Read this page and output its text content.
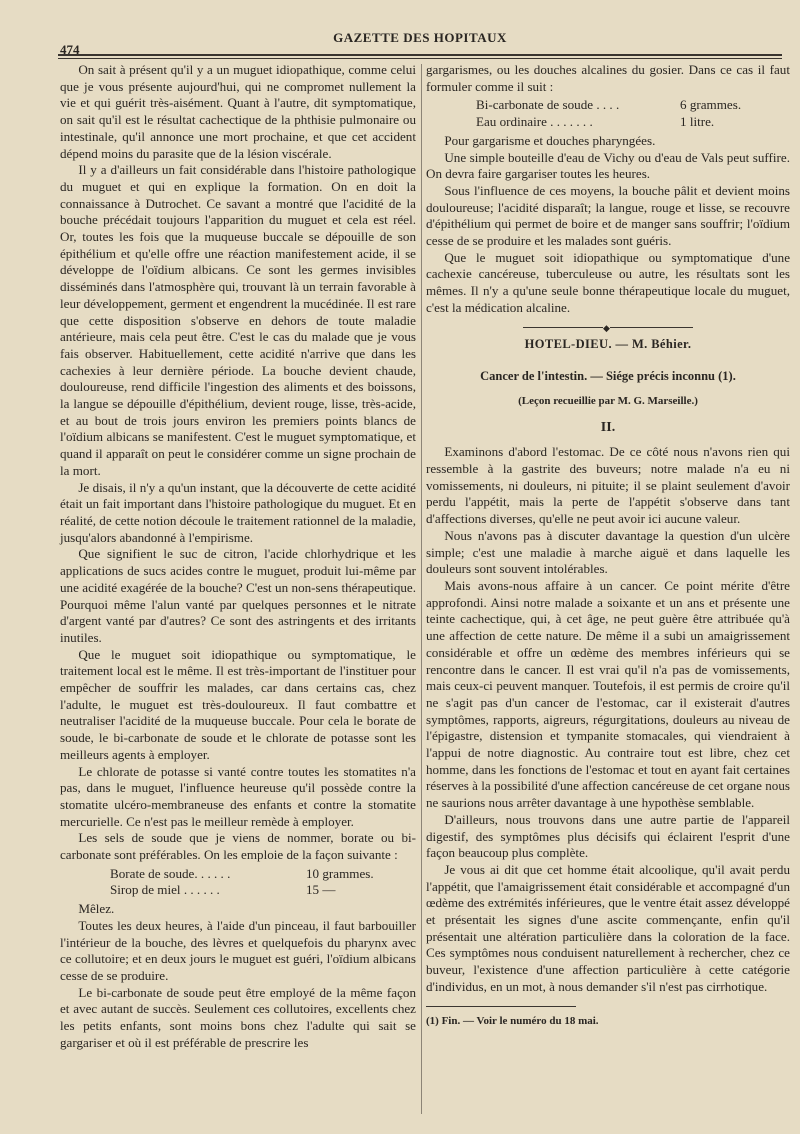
474
GAZETTE DES HOPITAUX

On sait à présent qu'il y a un muguet idiopathique, comme celui que je vous présente aujourd'hui, qui ne compromet nullement la vie et qui guérit très-aisément. Quant à l'autre, dit symptomatique, on sait qu'il est le résultat cachectique de la phthisie pulmonaire ou intestinale, qu'il annonce une mort prochaine, et que cet accident dépend moins du parasite que de la lésion viscérale.

Il y a d'ailleurs un fait considérable dans l'histoire pathologique du muguet et qui en explique la formation. On en doit la connaissance à Dutrochet. Ce savant a montré que l'acidité de la bouche précédait toujours l'apparition du muguet et cela est réel. Or, toutes les fois que la muqueuse buccale se dépouille de son épithélium et qu'elle offre une réaction manifestement acide, il se développe de l'oïdium albicans. Ce sont les germes invisibles disséminés dans l'atmosphère qui, trouvant là un terrain favorable à leur développement, germent et engendrent la mucédinée. Il est rare que cette disposition s'observe en dehors de toute maladie antérieure, mais cela peut être. C'est le cas du malade que je vous fais observer. Habituellement, cette acidité n'arrive que dans les cachexies à leur dernière période. La bouche devient chaude, douloureuse, rend difficile l'ingestion des aliments et des boissons, la langue se dépouille d'épithélium, devient rouge, lisse, très-acide, et au bout de trois jours environ les premiers points blancs de l'oïdium albicans se manifestent. C'est le muguet symptomatique, et quand il apparaît on peut le considérer comme un signe prochain de la mort.

Je disais, il n'y a qu'un instant, que la découverte de cette acidité était un fait important dans l'histoire pathologique du muguet. Et en réalité, de cette notion découle le traitement rationnel de la maladie, jusqu'alors abandonné à l'empirisme.

Que signifient le suc de citron, l'acide chlorhydrique et les applications de sucs acides contre le muguet, produit lui-même par une acidité exagérée de la bouche? C'est un non-sens thérapeutique. Pourquoi même l'alun vanté par quelques personnes et le nitrate d'argent vanté par d'autres? Ce sont des astringents et des irritants inutiles.

Que le muguet soit idiopathique ou symptomatique, le traitement local est le même. Il est très-important de l'instituer pour empêcher de souffrir les malades, car dans certains cas, chez l'adulte, le muguet est très-douloureux. Il faut combattre et neutraliser l'acidité de la muqueuse buccale. Pour cela le borate de soude, le bi-carbonate de soude et le chlorate de potasse sont les meilleurs agents à employer.

Le chlorate de potasse si vanté contre toutes les stomatites n'a pas, dans le muguet, l'influence heureuse qu'il possède contre la stomatite ulcéro-membraneuse des enfants et contre la stomatite mercurielle. Ce n'est pas le meilleur remède à employer.

Les sels de soude que je viens de nommer, borate ou bi-carbonate sont préférables. On les emploie de la façon suivante :

Borate de soude. . . . . .	10 grammes.
Sirop de miel . . . . . .	15 —

Mêlez.

Toutes les deux heures, à l'aide d'un pinceau, il faut barbouiller l'intérieur de la bouche, des lèvres et quelquefois du pharynx avec ce collutoire; et en deux jours le muguet est guéri, l'oïdium albicans cesse de se produire.

Le bi-carbonate de soude peut être employé de la même façon et avec autant de succès. Seulement ces collutoires, excellents chez les petits enfants, sont moins bons chez l'adulte qui sait se gargariser et où il est préférable de prescrire les

gargarismes, ou les douches alcalines du gosier. Dans ce cas il faut formuler comme il suit :

Bi-carbonate de soude . . . .	6 grammes.
Eau ordinaire . . . . . . .	1 litre.

Pour gargarisme et douches pharyngées.

Une simple bouteille d'eau de Vichy ou d'eau de Vals peut suffire. On devra faire gargariser toutes les heures.

Sous l'influence de ces moyens, la bouche pâlit et devient moins douloureuse; l'acidité disparaît; la langue, rouge et lisse, se recouvre d'épithélium qui permet de boire et de manger sans souffrir; l'oïdium cesse de se produire et les malades sont guéris.

Que le muguet soit idiopathique ou symptomatique d'une cachexie cancéreuse, tuberculeuse ou autre, les résultats sont les mêmes. Il n'y a qu'une seule bonne thérapeutique locale du muguet, c'est la médication alcaline.

◆
HOTEL-DIEU. — M. Béhier.
Cancer de l'intestin. — Siége précis inconnu (1).
(Leçon recueillie par M. G. Marseille.)
II.

Examinons d'abord l'estomac. De ce côté nous n'avons rien qui ressemble à la gastrite des buveurs; notre malade n'a eu ni vomissements, ni douleurs, ni pituite; il se plaint seulement d'avoir perdu l'appétit, mais la perte de l'appétit s'observe dans tant d'affections diverses, qu'elle ne peut avoir ici aucune valeur.

Nous n'avons pas à discuter davantage la question d'un ulcère simple; c'est une maladie à marche aiguë et dans laquelle les douleurs sont souvent intolérables.

Mais avons-nous affaire à un cancer. Ce point mérite d'être approfondi. Ainsi notre malade a soixante et un ans et présente une teinte cachectique, qui, à cet âge, ne peut guère être attribuée qu'à une affection de cette nature. De même il a subi un amaigrissement considérable et offre un œdème des membres inférieurs qui se rencontre dans le cancer. Il est vrai qu'il n'a pas de vomissements, mais ceux-ci peuvent manquer. Toutefois, il est permis de croire qu'il ne s'agit pas d'un cancer de l'estomac, car il existerait d'autres symptômes, rapports, aigreurs, régurgitations, douleurs au niveau de l'épigastre, distension et tympanite stomacales, qui viendraient à l'appui de notre diagnostic. Au contraire tout est libre, chez cet homme, dans les fonctions de l'estomac et tout en ayant fait certaines réserves à la possibilité d'une affection cancéreuse de cet organe nous ne saurions nous arrêter davantage à une hypothèse semblable.

D'ailleurs, nous trouvons dans une autre partie de l'appareil digestif, des symptômes plus décisifs qui éclairent l'esprit d'une façon beaucoup plus complète.

Je vous ai dit que cet homme était alcoolique, qu'il avait perdu l'appétit, que l'amaigrissement était considérable et accompagné d'un œdème des extrémités inférieures, que le ventre était assez développé et présentait les signes d'une ascite commençante, enfin qu'il présentait une altération particulière dans la coloration de la face. Ces symptômes nous conduisent naturellement à rechercher, chez ce buveur, l'existence d'une affection particulière à cette catégorie d'individus, en un mot, à nous demander s'il n'est pas cirrhotique.

(1) Fin. — Voir le numéro du 18 mai.
